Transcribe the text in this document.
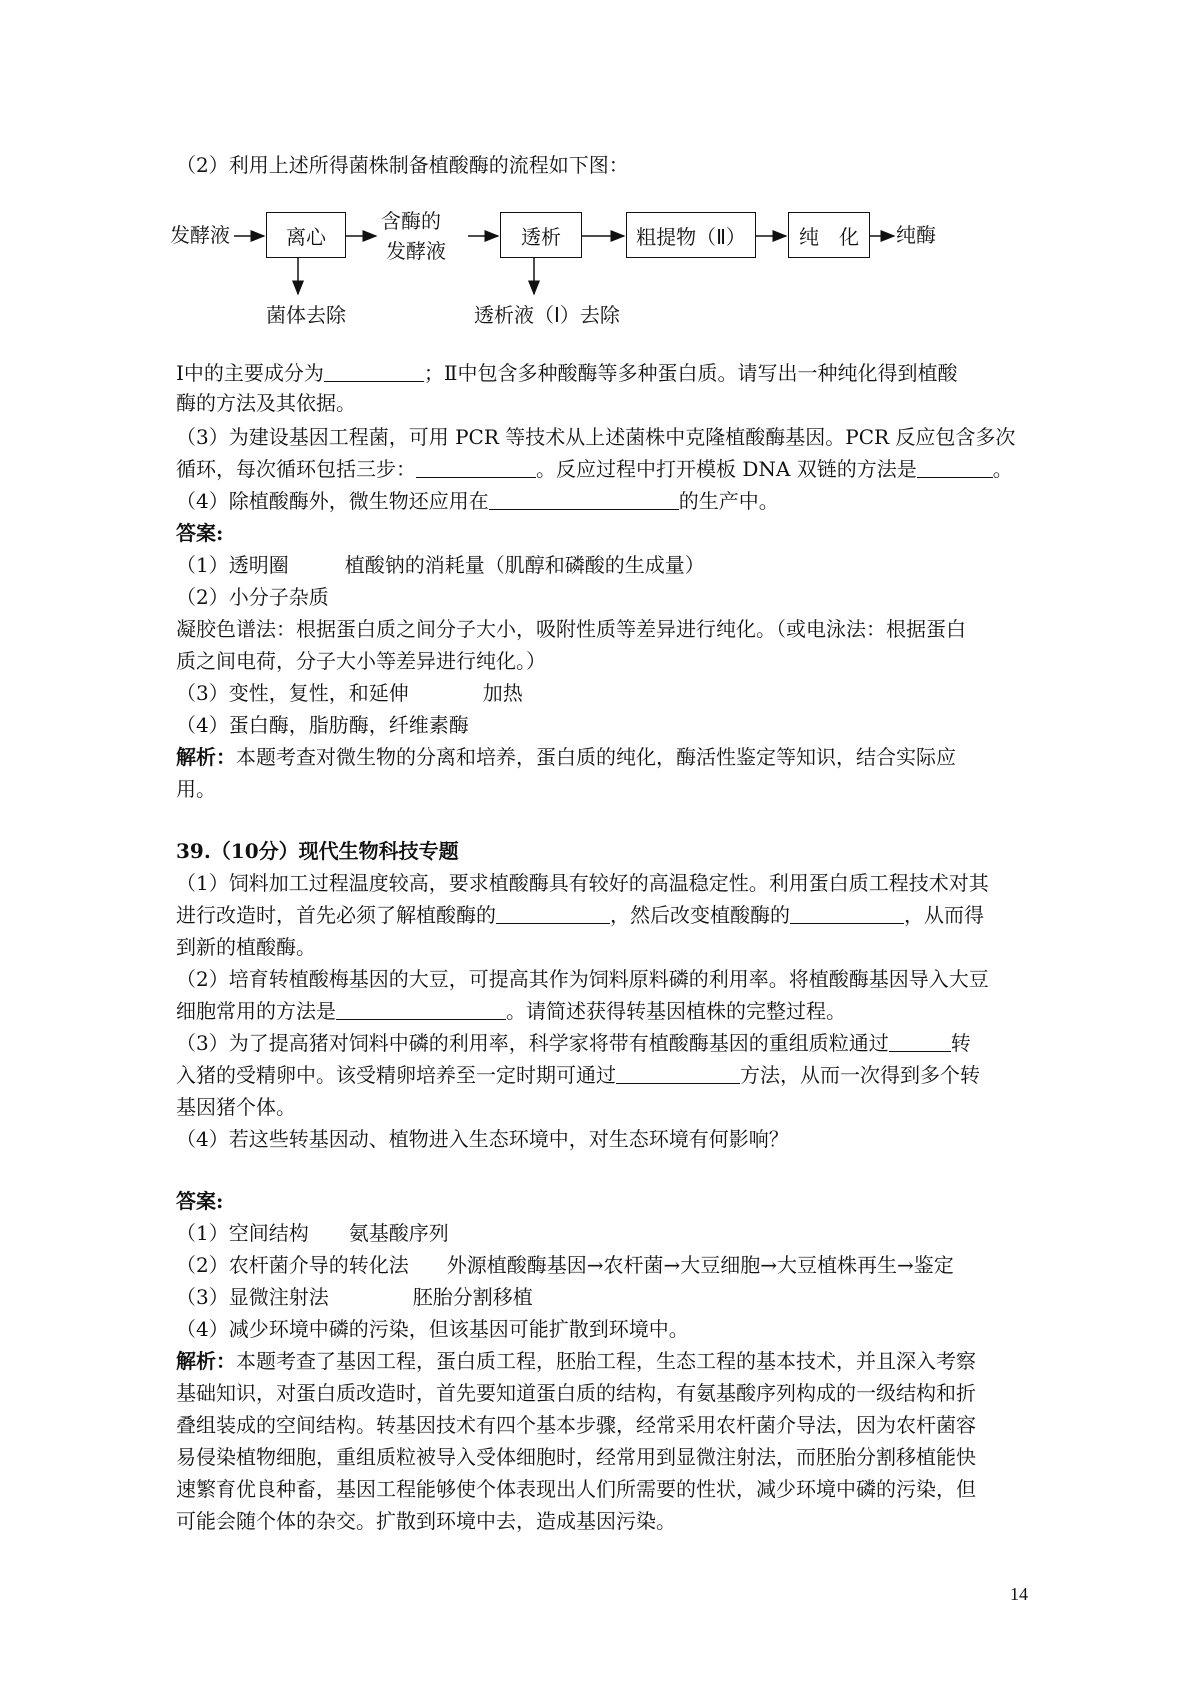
（2）利用上述所得菌株制备植酸酶的流程如下图：
发酵液	离心
菌体去除
含酶的
发酵液
透析
透析液（Ⅰ）去除
粗提物（Ⅱ）	纯　化 纯酶
Ⅰ中的主要成分为	；Ⅱ中包含多种酸酶等多种蛋白质。请写出一种纯化得到植酸
酶的方法及其依据。
（3）为建设基因工程菌，可用 PCR 等技术从上述菌株中克隆植酸酶基因。PCR 反应包含多次
循环，每次循环包括三步：	。反应过程中打开模板 DNA 双链的方法是	。
（4）除植酸酶外，微生物还应用在	的生产中。
答案:
（1）透明圈	植酸钠的消耗量（肌醇和磷酸的生成量）
（2）小分子杂质
凝胶色谱法：根据蛋白质之间分子大小，吸附性质等差异进行纯化。（或电泳法：根据蛋白
质之间电荷，分子大小等差异进行纯化。）
（3）变性，复性，和延伸	加热
（4）蛋白酶，脂肪酶，纤维素酶
解析：本题考查对微生物的分离和培养，蛋白质的纯化，酶活性鉴定等知识，结合实际应
用。
39.（10分）现代生物科技专题
（1）饲料加工过程温度较高，要求植酸酶具有较好的高温稳定性。利用蛋白质工程技术对其
进行改造时，首先必须了解植酸酶的	，然后改变植酸酶的	，从而得
到新的植酸酶。
（2）培育转植酸梅基因的大豆，可提高其作为饲料原料磷的利用率。将植酸酶基因导入大豆
细胞常用的方法是	。请简述获得转基因植株的完整过程。
（3）为了提高猪对饲料中磷的利用率，科学家将带有植酸酶基因的重组质粒通过	转
入猪的受精卵中。该受精卵培养至一定时期可通过	方法，从而一次得到多个转
基因猪个体。
（4）若这些转基因动、植物进入生态环境中，对生态环境有何影响？
答案:
（1）空间结构 氨基酸序列
（2）农杆菌介导的转化法 外源植酸酶基因→农杆菌→大豆细胞→大豆植株再生→鉴定
（3）显微注射法	胚胎分割移植
（4）减少环境中磷的污染，但该基因可能扩散到环境中。
解析：本题考查了基因工程，蛋白质工程，胚胎工程，生态工程的基本技术，并且深入考察
基础知识，对蛋白质改造时，首先要知道蛋白质的结构，有氨基酸序列构成的一级结构和折
叠组装成的空间结构。转基因技术有四个基本步骤，经常采用农杆菌介导法，因为农杆菌容
易侵染植物细胞，重组质粒被导入受体细胞时，经常用到显微注射法，而胚胎分割移植能快
速繁育优良种畜，基因工程能够使个体表现出人们所需要的性状，减少环境中磷的污染，但
可能会随个体的杂交。扩散到环境中去，造成基因污染。
14
